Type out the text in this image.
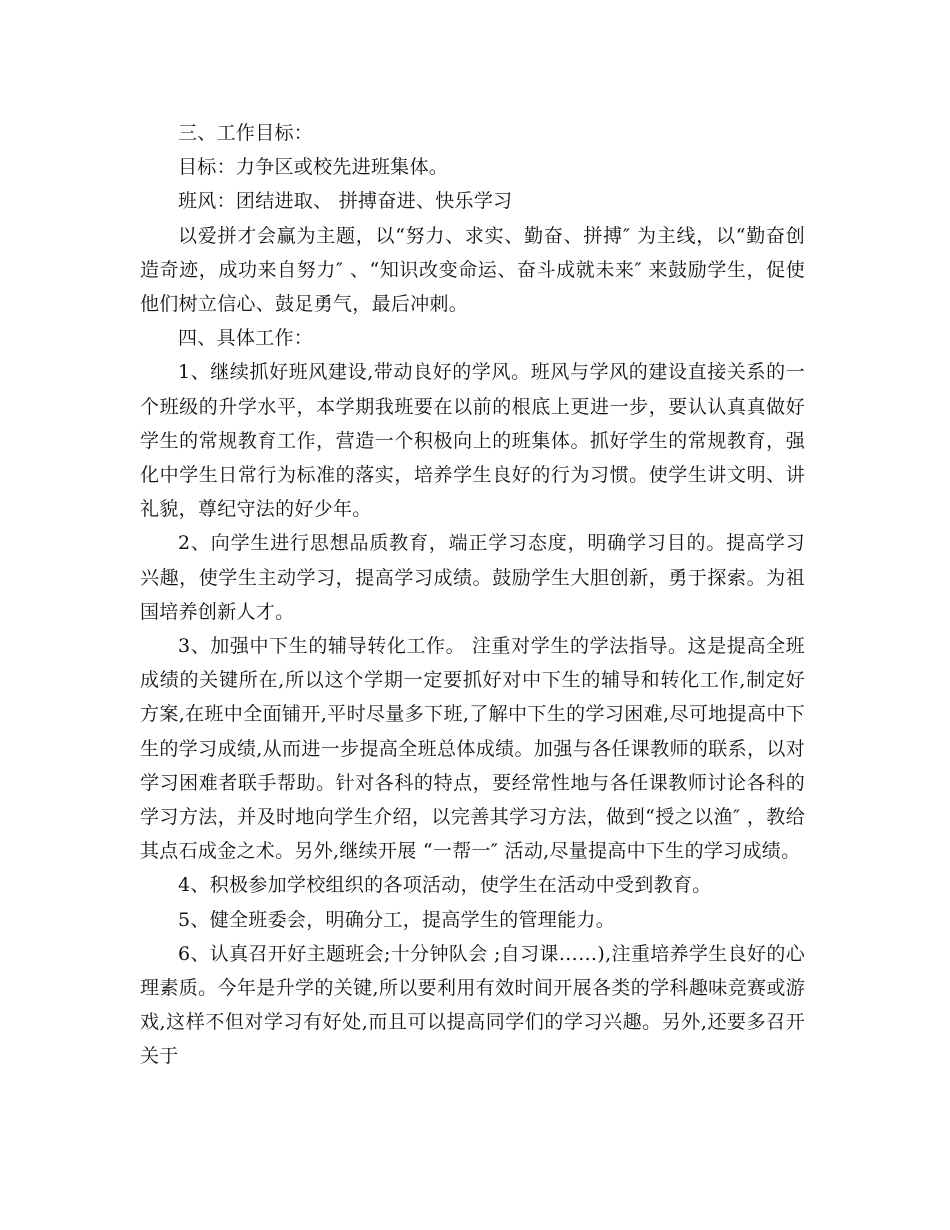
三、工作目标：

目标：力争区或校先进班集体。

班风：团结进取、 拼搏奋进、快乐学习

以爱拼才会赢为主题，以“努力、求实、勤奋、拼搏″ 为主线，以“勤奋创造奇迹，成功来自努力″ 、“知识改变命运、奋斗成就未来″ 来鼓励学生，促使他们树立信心、鼓足勇气，最后冲刺。

四、具体工作：

1、继续抓好班风建设,带动良好的学风。班风与学风的建设直接关系的一个班级的升学水平，本学期我班要在以前的根底上更进一步，要认认真真做好学生的常规教育工作，营造一个积极向上的班集体。抓好学生的常规教育，强化中学生日常行为标准的落实，培养学生良好的行为习惯。使学生讲文明、讲礼貌，尊纪守法的好少年。

2、向学生进行思想品质教育，端正学习态度，明确学习目的。提高学习兴趣，使学生主动学习，提高学习成绩。鼓励学生大胆创新，勇于探索。为祖国培养创新人才。

3、加强中下生的辅导转化工作。 注重对学生的学法指导。这是提高全班成绩的关键所在,所以这个学期一定要抓好对中下生的辅导和转化工作,制定好方案,在班中全面铺开,平时尽量多下班,了解中下生的学习困难,尽可地提高中下生的学习成绩,从而进一步提高全班总体成绩。加强与各任课教师的联系，以对学习困难者联手帮助。针对各科的特点，要经常性地与各任课教师讨论各科的学习方法，并及时地向学生介绍，以完善其学习方法，做到“授之以渔″ ，教给其点石成金之术。另外,继续开展 “一帮一″ 活动,尽量提高中下生的学习成绩。

4、积极参加学校组织的各项活动，使学生在活动中受到教育。

5、健全班委会，明确分工，提高学生的管理能力。

6、认真召开好主题班会;十分钟队会 ;自习课……),注重培养学生良好的心理素质。今年是升学的关键,所以要利用有效时间开展各类的学科趣味竞赛或游戏,这样不但对学习有好处,而且可以提高同学们的学习兴趣。另外,还要多召开关于
